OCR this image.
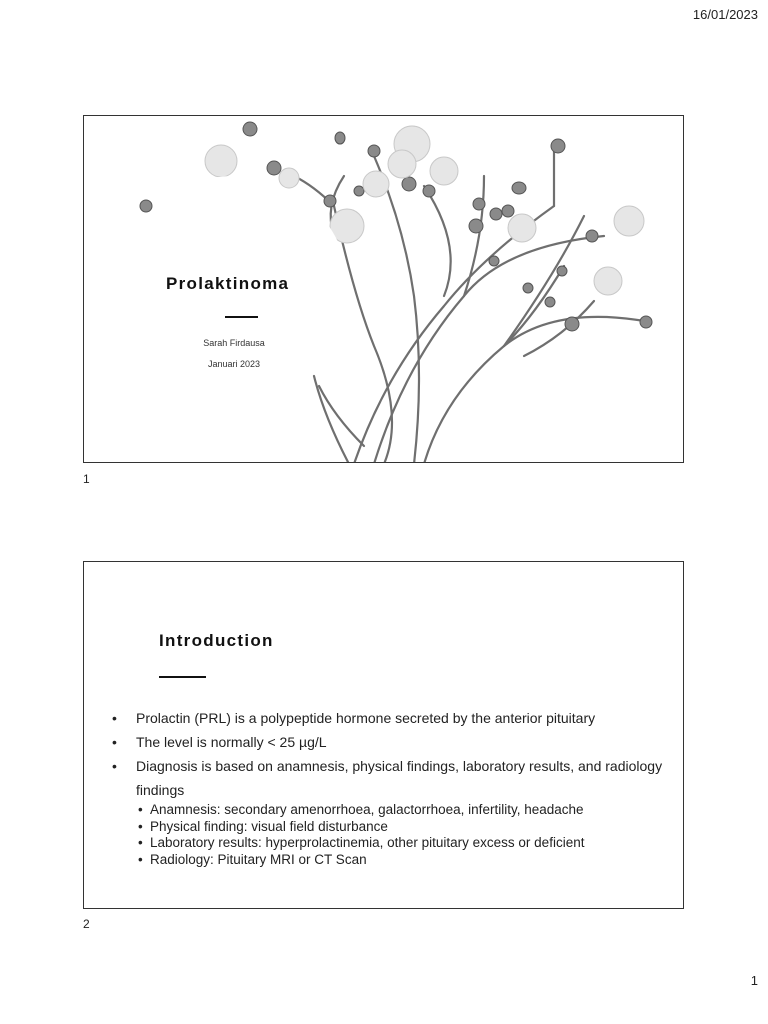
16/01/2023
Prolaktinoma
Sarah Firdausa
Januari 2023
1
Introduction
• Prolactin (PRL) is a polypeptide hormone secreted by the anterior pituitary
• The level is normally < 25 µg/L
• Diagnosis is based on anamnesis, physical findings, laboratory results, and radiology findings
• Anamnesis: secondary amenorrhoea, galactorrhoea, infertility, headache
• Physical finding: visual field disturbance
• Laboratory results: hyperprolactinemia, other pituitary excess or deficient
• Radiology: Pituitary MRI or CT Scan
2
1
